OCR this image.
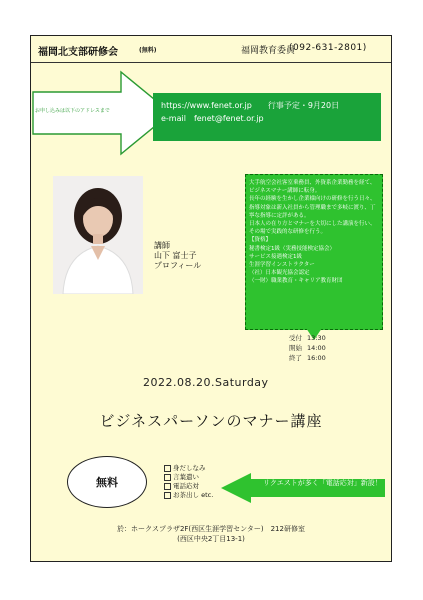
福岡北支部研修会	(無料)	福岡教育委員
(092-631-2801)
お申し込みは以下のアドレスまで
https://www.fenet.or.jp　　行事予定・9月20日
e-mail　fenet@fenet.or.jp
講師
山下 富士子
プロフィール
大手航空会社客室乗務員、外資系企業勤務を経て、ビジネスマナー講師に転身。
長年の経験を生かし企業様向けの研修を行う日々、指導対象は新入社員から管理職まで多岐に渡り、丁寧な指導に定評がある。
日本人の在り方とマナーを大切にした講演を行い、その場で実践的な研修を行う。
【資格】
秘書検定1級（実務技能検定協会）
サービス接遇検定1級
生涯学習インストラクター
（社）日本観光協会認定
（一財）職業教育・キャリア教育財団
受付 13:30
開始 14:00
終了 16:00
2022.08.20.Saturday
ビジネスパーソンのマナー講座
無料
身だしなみ
言葉遣い
電話応対
お茶出し etc.
リクエストが多く「電話応対」新設！
於：ホークスプラザ2F(西区生涯学習センター)　212研修室
(西区中央2丁目13-1)
